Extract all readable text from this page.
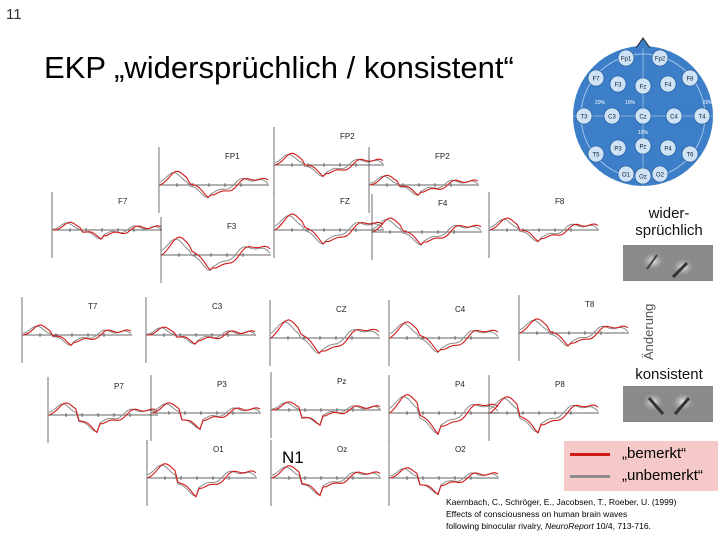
11
EKP „widersprüchlich / konsistent“
FP1
FP2
FP2
F7
F3
FZ	F4	F8
T7	C3	CZ	C4
T8
P7	P3	Pz	P4	P8
O1	Oz	O2
N1
Fp1	Fp2
F7
F3	Fz	F4
F8
T3	C3	Cz	C4	T4
T5
P3	Pz	P4
T6
O1 Oz O2
20%	10%	20%
10%
wider-
sprüchlich
Änderung
konsistent
„bemerkt“
„unbemerkt“
Kaernbach, C., Schröger, E., Jacobsen, T., Roeber, U. (1999)
Effects of consciousness on human brain waves
following binocular rivalry, NeuroReport 10/4, 713-716.
